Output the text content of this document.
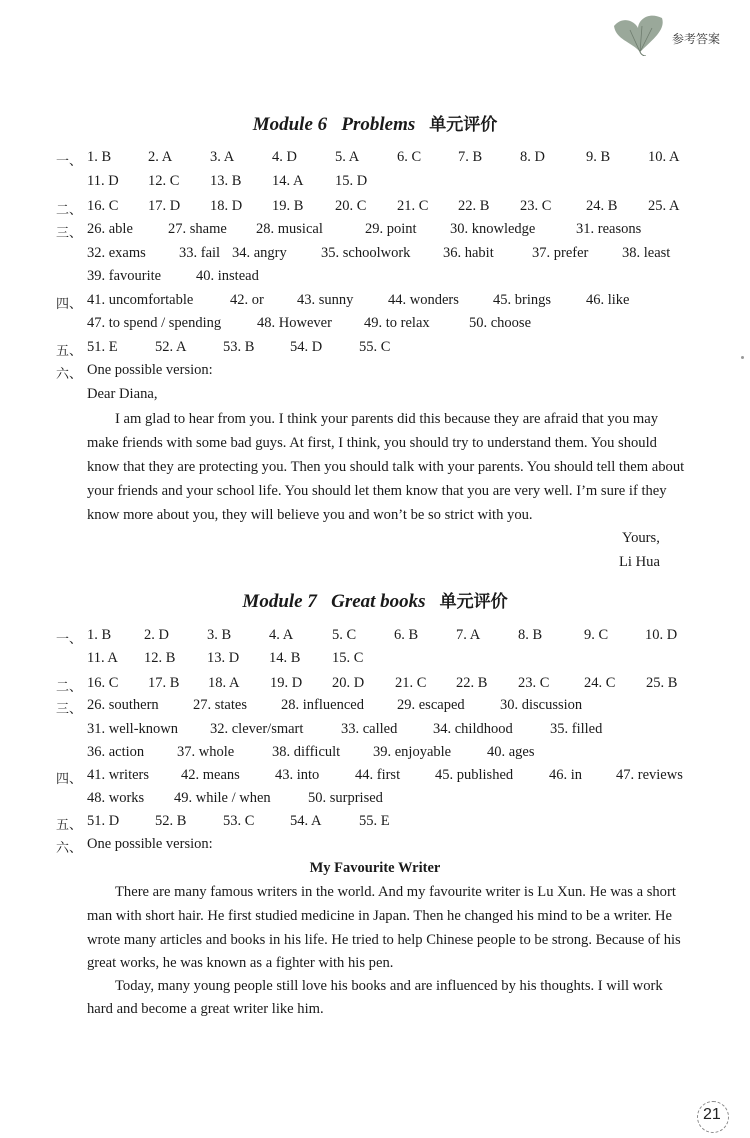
参考答案
Module 6   Problems 单元评价
一、 1. B	2. A	3. A	4. D	5. A	6. C	7. B	8. D	9. B	10. A
11. D 12. C 13. B 14. A 15. D
二、 16. C 17. D 18. D 19. B 20. C 21. C 22. B 23. C 24. B 25. A
三、 26. able 27. shame 28. musical	29. point 30. knowledge	31. reasons
32. exams 33. fail 34. angry 35. schoolwork 36. habit	37. prefer 38. least
39. favourite 40. instead
四、 41. uncomfortable	42. or 43. sunny 44. wonders 45. brings 46. like
47. to spend / spending 48. However 49. to relax	50. choose
五、 51. E	52. A	53. B 54. D	55. C
六、 One possible version:
Dear Diana,
I am glad to hear from you. I think your parents did this because they are afraid that you may
make friends with some bad guys. At first, I think, you should try to understand them. You should
know that they are protecting you. Then you should talk with your parents. You should tell them about
your friends and your school life. You should let them know that you are very well. I’m sure if they
know more about you, they will believe you and won’t be so strict with you.
Yours,
Li Hua
Module 7   Great books 单元评价
一、 1. B 2. D	3. B	4. A	5. C	6. B	7. A	8. B	9. C	10. D
11. A 12. B 13. D 14. B 15. C
二、 16. C 17. B 18. A 19. D 20. D 21. C 22. B 23. C 24. C 25. B
三、 26. southern 27. states 28. influenced 29. escaped 30. discussion
31. well-known 32. clever/smart	33. called 34. childhood	35. filled
36. action 37. whole	38. difficult 39. enjoyable 40. ages
四、 41. writers 42. means 43. into 44. first 45. published 46. in 47. reviews
48. works 49. while / when	50. surprised
五、 51. D 52. B	53. C 54. A	55. E
六、 One possible version:
My Favourite Writer
There are many famous writers in the world. And my favourite writer is Lu Xun. He was a short
man with short hair. He first studied medicine in Japan. Then he changed his mind to be a writer. He
wrote many articles and books in his life. He tried to help Chinese people to be strong. Because of his
great works, he was known as a fighter with his pen.
Today, many young people still love his books and are influenced by his thoughts. I will work
hard and become a great writer like him.
21
